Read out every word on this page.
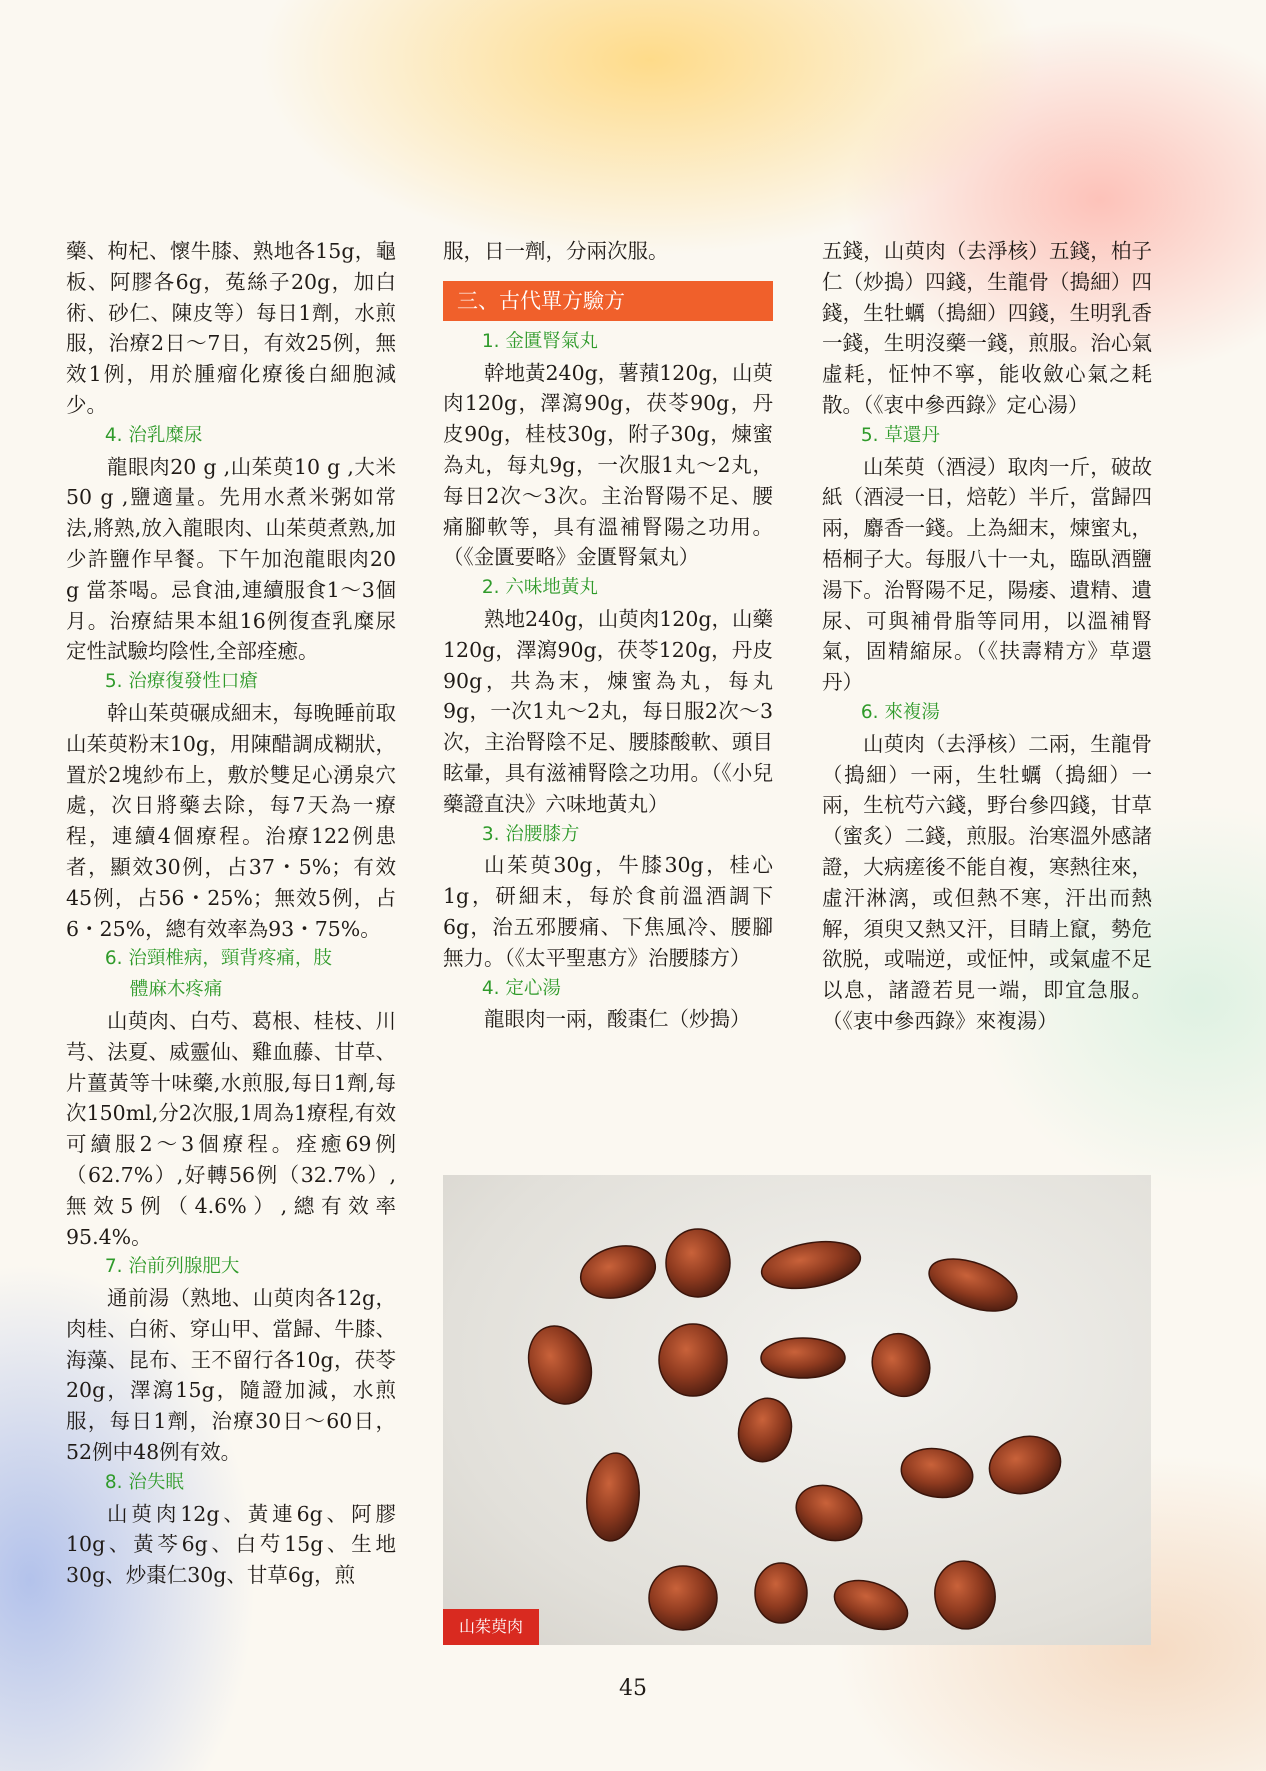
藥、枸杞、懷牛膝、熟地各15g，龜板、阿膠各6g，菟絲子20g，加白術、砂仁、陳皮等）每日1劑，水煎服，治療2日～7日，有效25例，無效1例，用於腫瘤化療後白細胞減少。

4. 治乳糜尿

龍眼肉20 g ,山茱萸10 g ,大米50 g ,鹽適量。先用水煮米粥如常法,將熟,放入龍眼肉、山茱萸煮熟,加少許鹽作早餐。下午加泡龍眼肉20 g 當茶喝。忌食油,連續服食1～3個月。治療結果本組16例復查乳糜尿定性試驗均陰性,全部痊癒。

5. 治療復發性口瘡

幹山茱萸碾成細末，每晚睡前取山茱萸粉末10g，用陳醋調成糊狀，置於2塊紗布上，敷於雙足心湧泉穴處，次日將藥去除，每7天為一療程，連續4個療程。治療122例患者，顯效30例，占37・5%；有效45例，占56・25%；無效5例，占6・25%，總有效率為93・75%。

6. 治頸椎病，頸背疼痛，肢
體麻木疼痛

山萸肉、白芍、葛根、桂枝、川芎、法夏、威靈仙、雞血藤、甘草、片薑黃等十味藥,水煎服,每日1劑,每次150ml,分2次服,1周為1療程,有效可續服2～3個療程。痊癒69例（62.7%）,好轉56例（32.7%）,無效5例（4.6%）,總有效率95.4%。

7. 治前列腺肥大

通前湯（熟地、山萸肉各12g，肉桂、白術、穿山甲、當歸、牛膝、海藻、昆布、王不留行各10g，茯苓20g，澤瀉15g，隨證加減，水煎服，每日1劑，治療30日～60日，52例中48例有效。

8. 治失眠

山萸肉12g、黃連6g、阿膠10g、黃芩6g、白芍15g、生地30g、炒棗仁30g、甘草6g，煎

服，日一劑，分兩次服。

三、古代單方驗方
1. 金匱腎氣丸

幹地黃240g，薯蕷120g，山萸肉120g，澤瀉90g，茯苓90g，丹皮90g，桂枝30g，附子30g，煉蜜為丸，每丸9g，一次服1丸～2丸，每日2次～3次。主治腎陽不足、腰痛腳軟等，具有溫補腎陽之功用。（《金匱要略》金匱腎氣丸）

2. 六味地黃丸

熟地240g，山萸肉120g，山藥120g，澤瀉90g，茯苓120g，丹皮90g，共為末，煉蜜為丸，每丸9g，一次1丸～2丸，每日服2次～3次，主治腎陰不足、腰膝酸軟、頭目眩暈，具有滋補腎陰之功用。（《小兒藥證直決》六味地黃丸）

3. 治腰膝方

山茱萸30g，牛膝30g，桂心1g，研細末，每於食前溫酒調下6g，治五邪腰痛、下焦風冷、腰腳無力。（《太平聖惠方》治腰膝方）

4. 定心湯

龍眼肉一兩，酸棗仁（炒搗）

五錢，山萸肉（去淨核）五錢，柏子仁（炒搗）四錢，生龍骨（搗細）四錢，生牡蠣（搗細）四錢，生明乳香一錢，生明沒藥一錢，煎服。治心氣虛耗，怔忡不寧，能收斂心氣之耗散。（《衷中參西錄》定心湯）

5. 草還丹

山茱萸（酒浸）取肉一斤，破故紙（酒浸一日，焙乾）半斤，當歸四兩，麝香一錢。上為細末，煉蜜丸，梧桐子大。每服八十一丸，臨臥酒鹽湯下。治腎陽不足，陽痿、遺精、遺尿、可與補骨脂等同用，以溫補腎氣，固精縮尿。（《扶壽精方》草還丹）

6. 來複湯

山萸肉（去淨核）二兩，生龍骨（搗細）一兩，生牡蠣（搗細）一兩，生杭芍六錢，野台參四錢，甘草（蜜炙）二錢，煎服。治寒溫外感諸證，大病瘥後不能自複，寒熱往來，虛汗淋漓，或但熱不寒，汗出而熱解，須臾又熱又汗，目睛上竄，勢危欲脱，或喘逆，或怔忡，或氣虛不足以息，諸證若見一端，即宜急服。（《衷中參西錄》來複湯）

山茱萸肉
45
